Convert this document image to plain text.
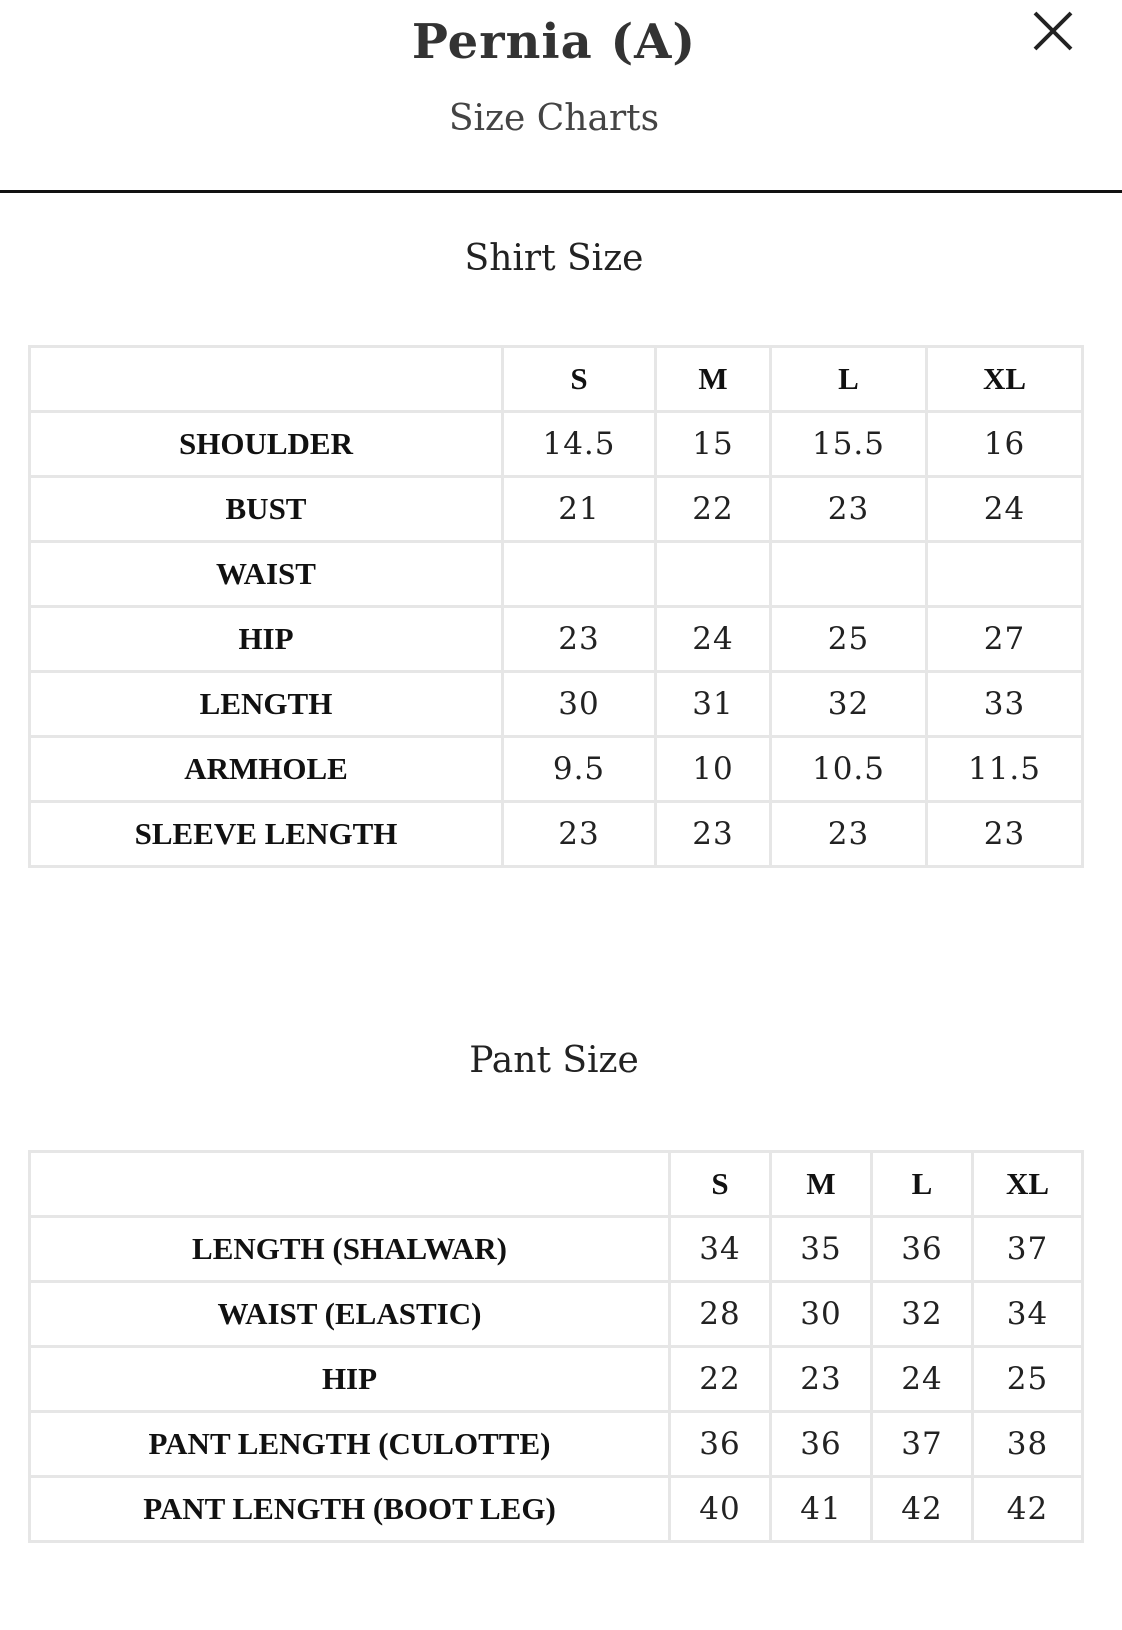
Pernia (A)
Size Charts
Shirt Size
	S	M	L	XL
SHOULDER	14.5	15	15.5	16
BUST	21	22	23	24
WAIST				
HIP	23	24	25	27
LENGTH	30	31	32	33
ARMHOLE	9.5	10	10.5	11.5
SLEEVE LENGTH	23	23	23	23
Pant Size
	S	M	L	XL
LENGTH (SHALWAR)	34	35	36	37
WAIST (ELASTIC)	28	30	32	34
HIP	22	23	24	25
PANT LENGTH (CULOTTE)	36	36	37	38
PANT LENGTH (BOOT LEG)	40	41	42	42
